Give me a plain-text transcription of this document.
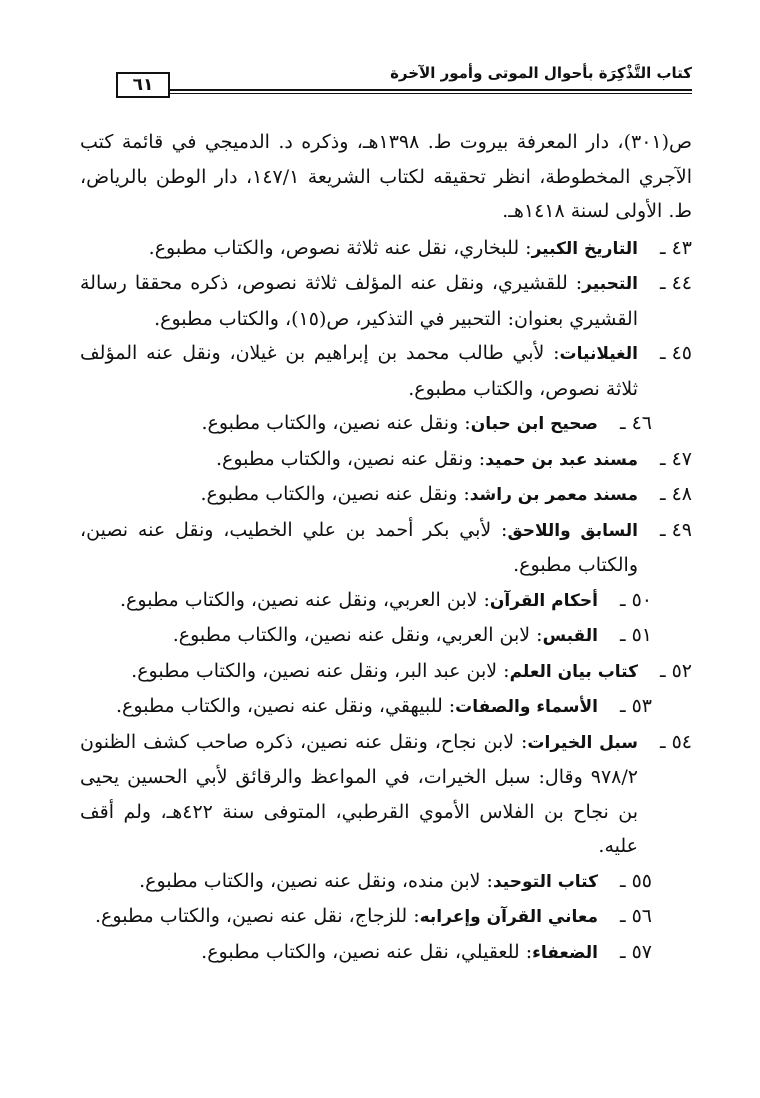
كتاب التَّذْكِرَة بأحوال الموتى وأمور الآخرة
٦١

ص(٣٠١)، دار المعرفة بيروت ط. ١٣٩٨هـ، وذكره د. الدميجي في قائمة كتب الآجري المخطوطة، انظر تحقيقه لكتاب الشريعة ١٤٧/١، دار الوطن بالرياض، ط. الأولى لسنة ١٤١٨هـ.

٤٣ ـ
التاريخ الكبير: للبخاري، نقل عنه ثلاثة نصوص، والكتاب مطبوع.
٤٤ ـ
التحبير: للقشيري، ونقل عنه المؤلف ثلاثة نصوص، ذكره محققا رسالة القشيري بعنوان: التحبير في التذكير، ص(١٥)، والكتاب مطبوع.
٤٥ ـ
الغيلانيات: لأبي طالب محمد بن إبراهيم بن غيلان، ونقل عنه المؤلف ثلاثة نصوص، والكتاب مطبوع.
٤٦ ـ
صحيح ابن حبان: ونقل عنه نصين، والكتاب مطبوع.
٤٧ ـ
مسند عبد بن حميد: ونقل عنه نصين، والكتاب مطبوع.
٤٨ ـ
مسند معمر بن راشد: ونقل عنه نصين، والكتاب مطبوع.
٤٩ ـ
السابق واللاحق: لأبي بكر أحمد بن علي الخطيب، ونقل عنه نصين، والكتاب مطبوع.
٥٠ ـ
أحكام القرآن: لابن العربي، ونقل عنه نصين، والكتاب مطبوع.
٥١ ـ
القبس: لابن العربي، ونقل عنه نصين، والكتاب مطبوع.
٥٢ ـ
كتاب بيان العلم: لابن عبد البر، ونقل عنه نصين، والكتاب مطبوع.
٥٣ ـ
الأسماء والصفات: للبيهقي، ونقل عنه نصين، والكتاب مطبوع.
٥٤ ـ
سبل الخيرات: لابن نجاح، ونقل عنه نصين، ذكره صاحب كشف الظنون ٩٧٨/٢ وقال: سبل الخيرات، في المواعظ والرقائق لأبي الحسين يحيى بن نجاح بن الفلاس الأموي القرطبي، المتوفى سنة ٤٢٢هـ، ولم أقف عليه.
٥٥ ـ
كتاب التوحيد: لابن منده، ونقل عنه نصين، والكتاب مطبوع.
٥٦ ـ
معاني القرآن وإعرابه: للزجاج، نقل عنه نصين، والكتاب مطبوع.
٥٧ ـ
الضعفاء: للعقيلي، نقل عنه نصين، والكتاب مطبوع.
